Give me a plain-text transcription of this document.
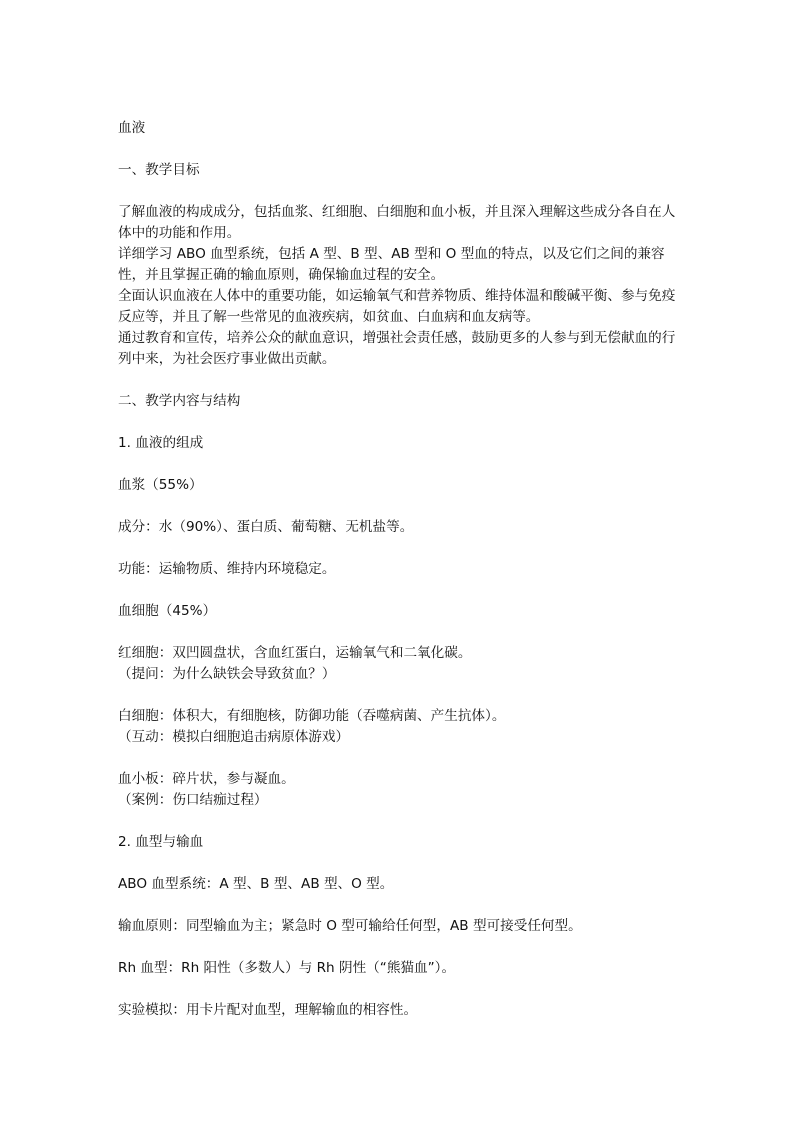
血液

一、教学目标

了解血液的构成成分，包括血浆、红细胞、白细胞和血小板，并且深入理解这些成分各自在人体中的功能和作用。

详细学习 ABO 血型系统，包括 A 型、B 型、AB 型和 O 型血的特点，以及它们之间的兼容性，并且掌握正确的输血原则，确保输血过程的安全。

全面认识血液在人体中的重要功能，如运输氧气和营养物质、维持体温和酸碱平衡、参与免疫反应等，并且了解一些常见的血液疾病，如贫血、白血病和血友病等。

通过教育和宣传，培养公众的献血意识，增强社会责任感，鼓励更多的人参与到无偿献血的行列中来，为社会医疗事业做出贡献。

二、教学内容与结构

1. 血液的组成

血浆（55%）

成分：水（90%）、蛋白质、葡萄糖、无机盐等。

功能：运输物质、维持内环境稳定。

血细胞（45%）

红细胞：双凹圆盘状，含血红蛋白，运输氧气和二氧化碳。

（提问：为什么缺铁会导致贫血？）

白细胞：体积大，有细胞核，防御功能（吞噬病菌、产生抗体）。

（互动：模拟白细胞追击病原体游戏）

血小板：碎片状，参与凝血。

（案例：伤口结痂过程）

2. 血型与输血

ABO 血型系统：A 型、B 型、AB 型、O 型。

输血原则：同型输血为主；紧急时 O 型可输给任何型，AB 型可接受任何型。

Rh 血型：Rh 阳性（多数人）与 Rh 阴性（“熊猫血”）。

实验模拟：用卡片配对血型，理解输血的相容性。
